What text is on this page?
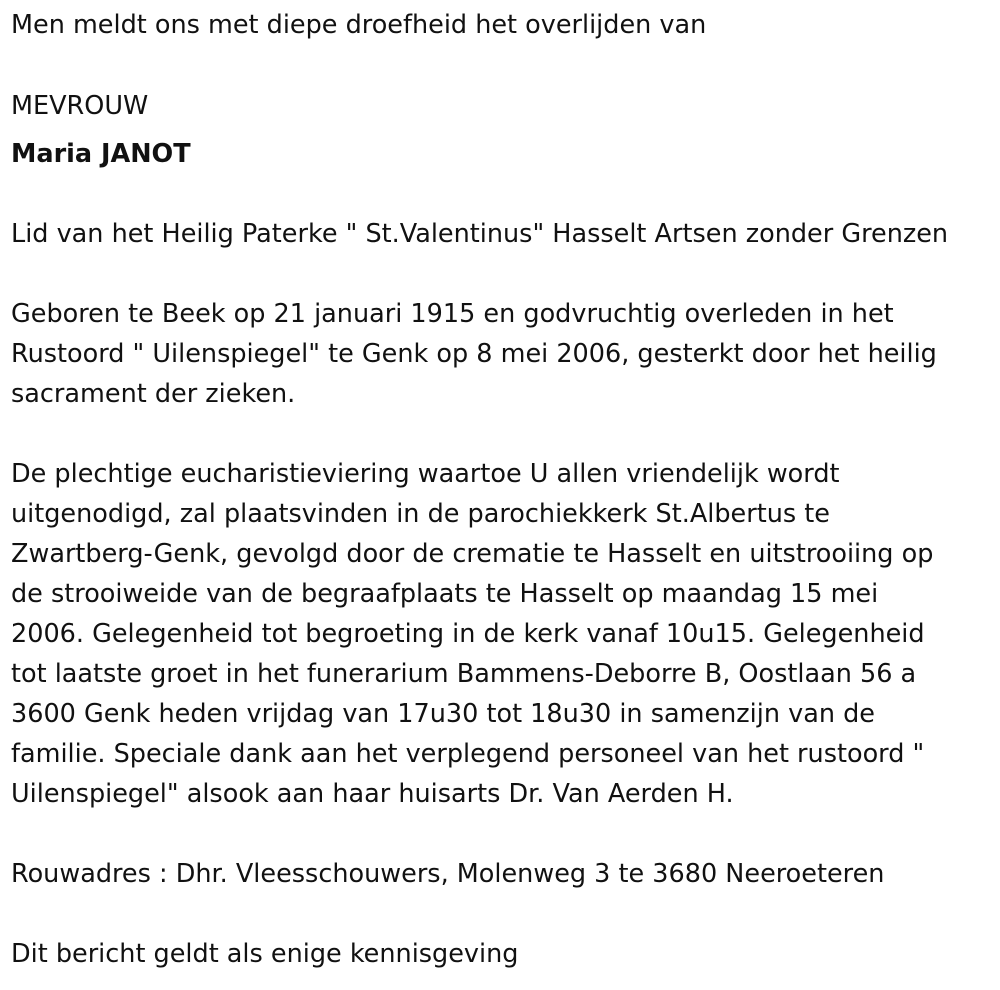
Men meldt ons met diepe droefheid het overlijden van
MEVROUW
Maria JANOT
Lid van het Heilig Paterke " St.Valentinus" Hasselt Artsen zonder Grenzen
Geboren te Beek op 21 januari 1915 en godvruchtig overleden in het
Rustoord " Uilenspiegel" te Genk op 8 mei 2006, gesterkt door het heilig
sacrament der zieken.
De plechtige eucharistieviering waartoe U allen vriendelijk wordt
uitgenodigd, zal plaatsvinden in de parochiekkerk St.Albertus te
Zwartberg-Genk, gevolgd door de crematie te Hasselt en uitstrooiing op
de strooiweide van de begraafplaats te Hasselt op maandag 15 mei
2006. Gelegenheid tot begroeting in de kerk vanaf 10u15. Gelegenheid
tot laatste groet in het funerarium Bammens-Deborre B, Oostlaan 56 a
3600 Genk heden vrijdag van 17u30 tot 18u30 in samenzijn van de
familie. Speciale dank aan het verplegend personeel van het rustoord "
Uilenspiegel" alsook aan haar huisarts Dr. Van Aerden H.
Rouwadres : Dhr. Vleesschouwers, Molenweg 3 te 3680 Neeroeteren
Dit bericht geldt als enige kennisgeving
